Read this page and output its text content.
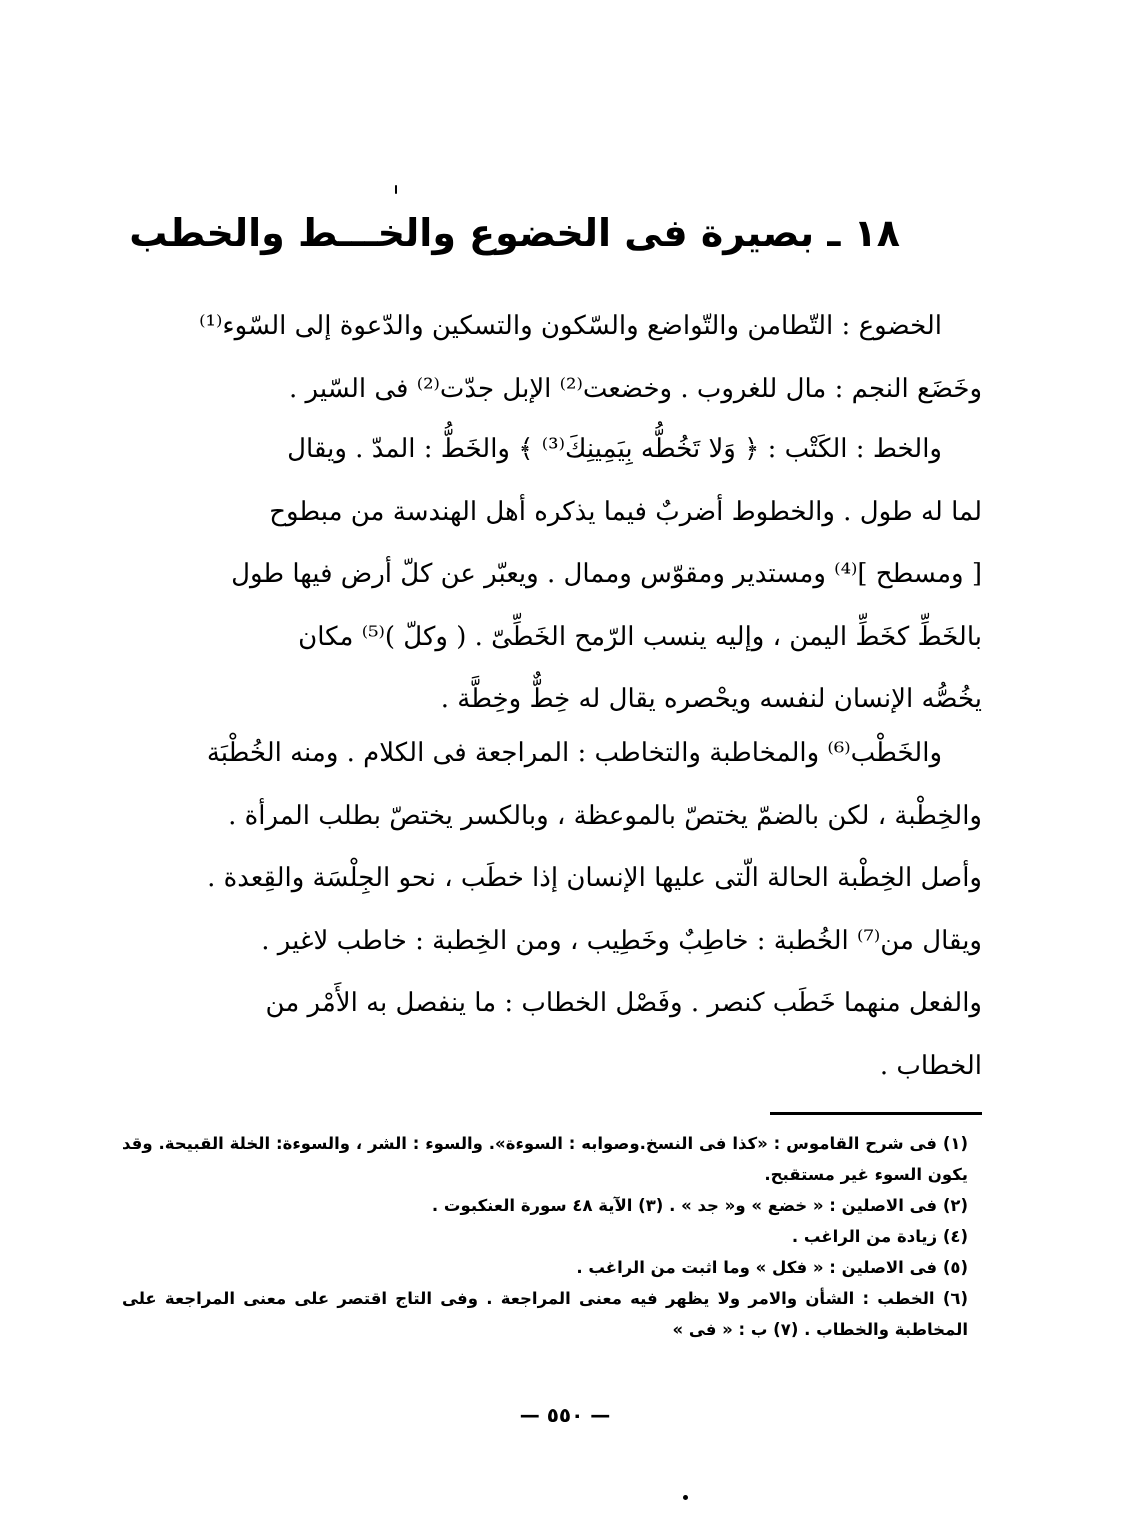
١٨ ـ بصيرة فى الخضوع والخـــط والخطب

الخضوع : التّطامن والتّواضع والسّكون والتسكين والدّعوة إلى السّوء⁽¹⁾

وخَضَع النجم : مال للغروب . وخضعت⁽²⁾ الإبل جدّت⁽²⁾ فى السّير .

والخط : الكَتْب : ﴿ وَلا تَخُطُّه بِيَمِينِكَ⁽³⁾ ﴾ والخَطُّ : المدّ . ويقال

لما له طول . والخطوط أضربٌ فيما يذكره أهل الهندسة من مبطوح

[ ومسطح ]⁽⁴⁾ ومستدير ومقوّس وممال . ويعبّر عن كلّ أرض فيها طول

بالخَطِّ كخَطِّ اليمن ، وإليه ينسب الرّمح الخَطِّىّ . ( وكلّ )⁽⁵⁾ مكان

يخُصُّه الإنسان لنفسه ويحْصره يقال له خِطٌّ وخِطَّة .

والخَطْب⁽⁶⁾ والمخاطبة والتخاطب : المراجعة فى الكلام . ومنه الخُطْبَة

والخِطْبة ، لكن بالضمّ يختصّ بالموعظة ، وبالكسر يختصّ بطلب المرأة .

وأصل الخِطْبة الحالة الّتى عليها الإنسان إذا خطَب ، نحو الجِلْسَة والقِعدة .

ويقال من⁽⁷⁾ الخُطبة : خاطِبٌ وخَطِيب ، ومن الخِطبة : خاطب لاغير .

والفعل منهما خَطَب كنصر . وفَصْل الخطاب : ما ينفصل به الأَمْر من

الخطاب .

(١) فى شرح القاموس : «كذا فى النسخ.وصوابه : السوءة». والسوء : الشر ، والسوءة: الخلة القبيحة. وقد يكون السوء غير مستقبح.

(٢) فى الاصلين : « خضع » و« جد » . (٣) الآية ٤٨ سورة العنكبوت .

(٤) زيادة من الراغب .

(٥) فى الاصلين : « فكل » وما اثبت من الراغب .

(٦) الخطب : الشأن والامر ولا يظهر فيه معنى المراجعة . وفى التاج اقتصر على معنى المراجعة على المخاطبة والخطاب . (٧) ب : « فى »

— ٥٥٠ —
